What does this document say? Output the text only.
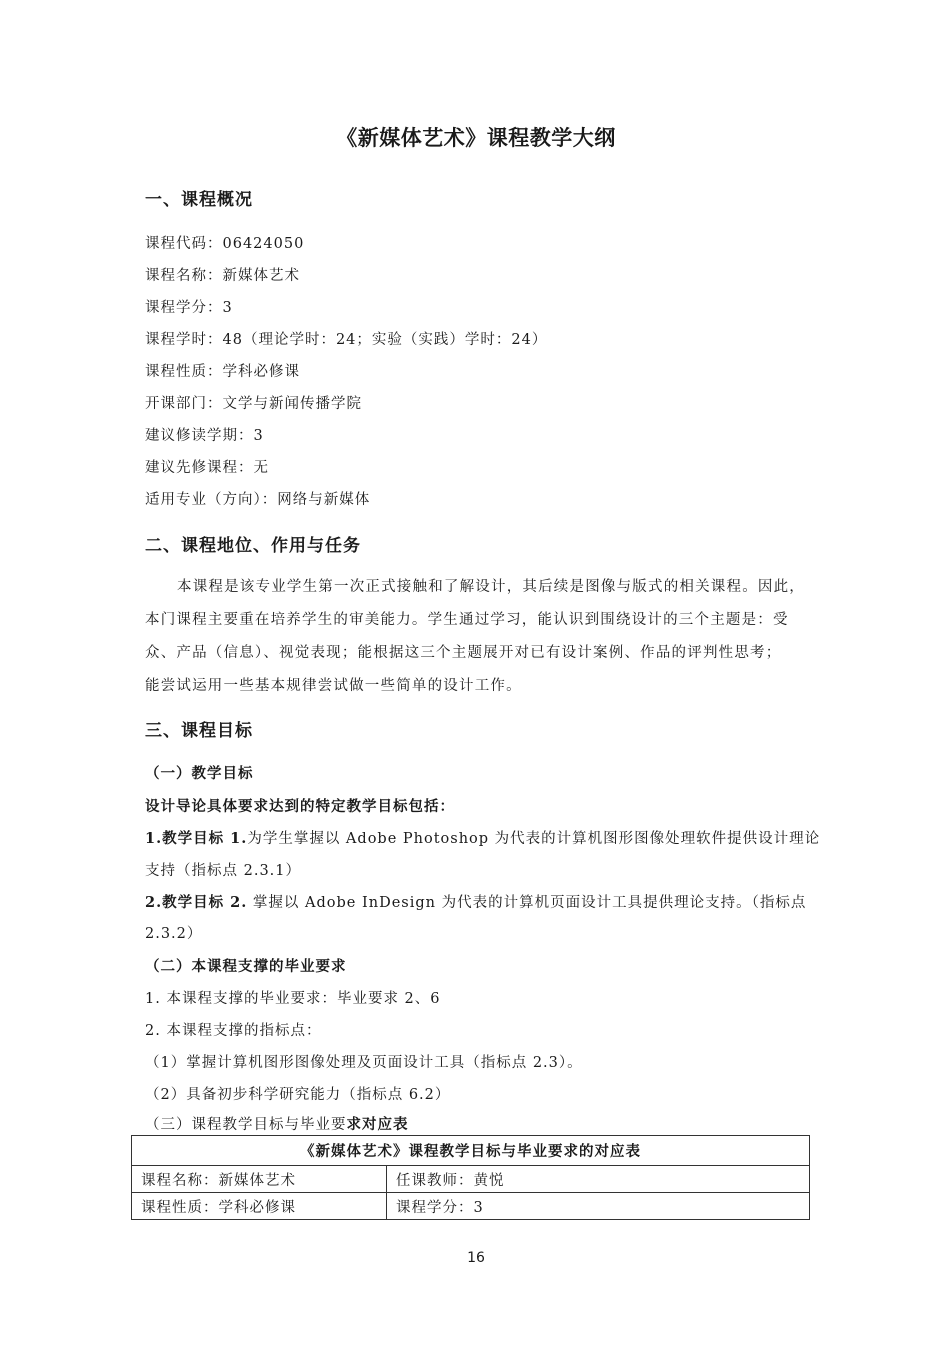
《新媒体艺术》课程教学大纲
一、课程概况
课程代码：06424050
课程名称：新媒体艺术
课程学分：3
课程学时：48（理论学时：24；实验（实践）学时：24）
课程性质：学科必修课
开课部门：文学与新闻传播学院
建议修读学期：3
建议先修课程：无
适用专业（方向）：网络与新媒体
二、课程地位、作用与任务
本课程是该专业学生第一次正式接触和了解设计，其后续是图像与版式的相关课程。因此，
本门课程主要重在培养学生的审美能力。学生通过学习，能认识到围绕设计的三个主题是：受
众、产品（信息）、视觉表现；能根据这三个主题展开对已有设计案例、作品的评判性思考；
能尝试运用一些基本规律尝试做一些简单的设计工作。
三、课程目标
（一）教学目标
设计导论具体要求达到的特定教学目标包括：
1.教学目标 1.为学生掌握以 Adobe Photoshop 为代表的计算机图形图像处理软件提供设计理论
支持（指标点 2.3.1）
2.教学目标 2. 掌握以 Adobe InDesign 为代表的计算机页面设计工具提供理论支持。（指标点
2.3.2）
（二）本课程支撑的毕业要求
1. 本课程支撑的毕业要求：毕业要求 2、6
2. 本课程支撑的指标点：
（1）掌握计算机图形图像处理及页面设计工具（指标点 2.3）。
（2）具备初步科学研究能力（指标点 6.2）
（三）课程教学目标与毕业要求对应表
《新媒体艺术》课程教学目标与毕业要求的对应表	
课程名称：新媒体艺术	任课教师：黄悦
课程性质：学科必修课	课程学分：3
16
